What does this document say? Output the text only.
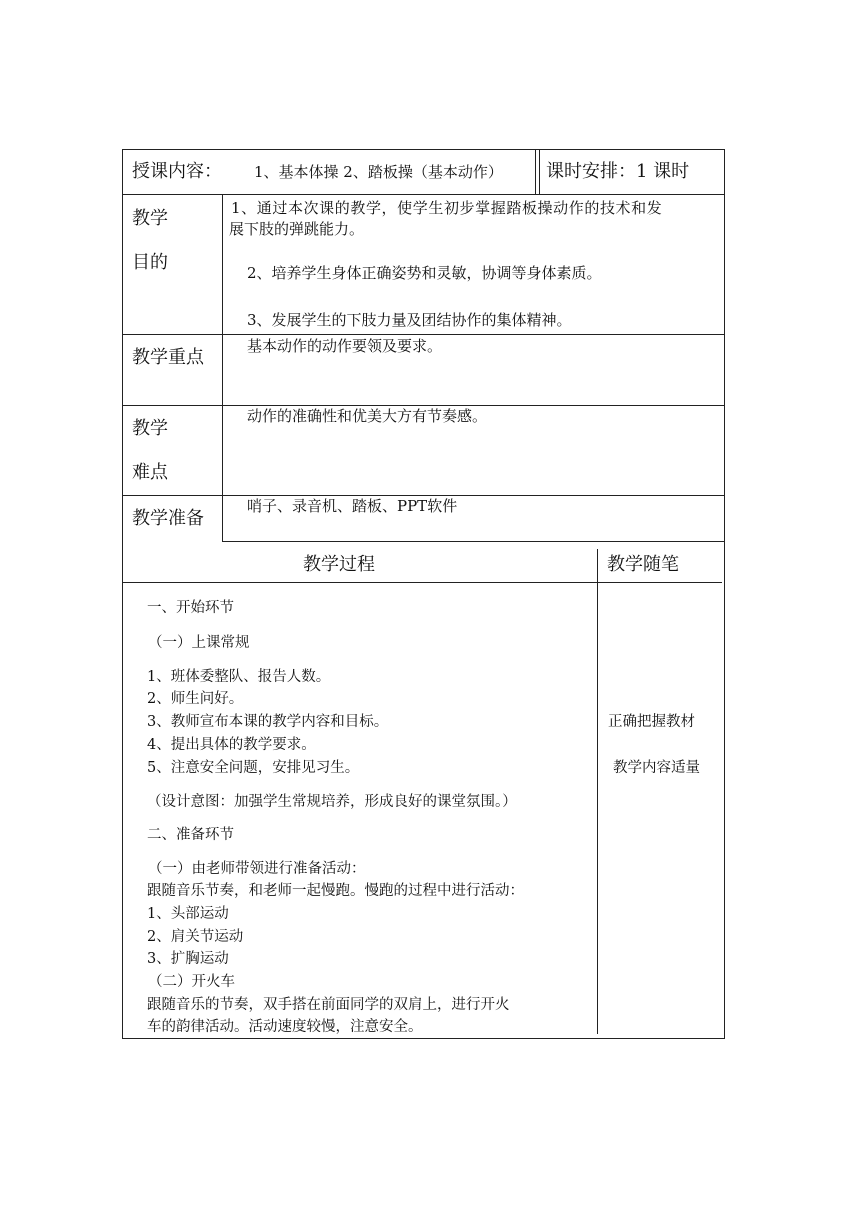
授课内容： 1、基本体操 2、踏板操（基本动作） 课时安排：1 课时
教学
目的
1、通过本次课的教学，使学生初步掌握踏板操动作的技术和发
展下肢的弹跳能力。
2、培养学生身体正确姿势和灵敏，协调等身体素质。
3、发展学生的下肢力量及团结协作的集体精神。
教学重点
基本动作的动作要领及要求。
教学
难点
动作的准确性和优美大方有节奏感。
教学准备
哨子、录音机、踏板、PPT软件
教学过程	教学随笔
一、开始环节
（一）上课常规
1、班体委整队、报告人数。
2、师生问好。
3、教师宣布本课的教学内容和目标。
4、提出具体的教学要求。
5、注意安全问题，安排见习生。
（设计意图：加强学生常规培养，形成良好的课堂氛围。）
二、准备环节
（一）由老师带领进行准备活动：
跟随音乐节奏，和老师一起慢跑。慢跑的过程中进行活动：
1、头部运动
2、肩关节运动
3、扩胸运动
（二）开火车
跟随音乐的节奏，双手搭在前面同学的双肩上，进行开火
车的韵律活动。活动速度较慢，注意安全。
正确把握教材
教学内容适量
